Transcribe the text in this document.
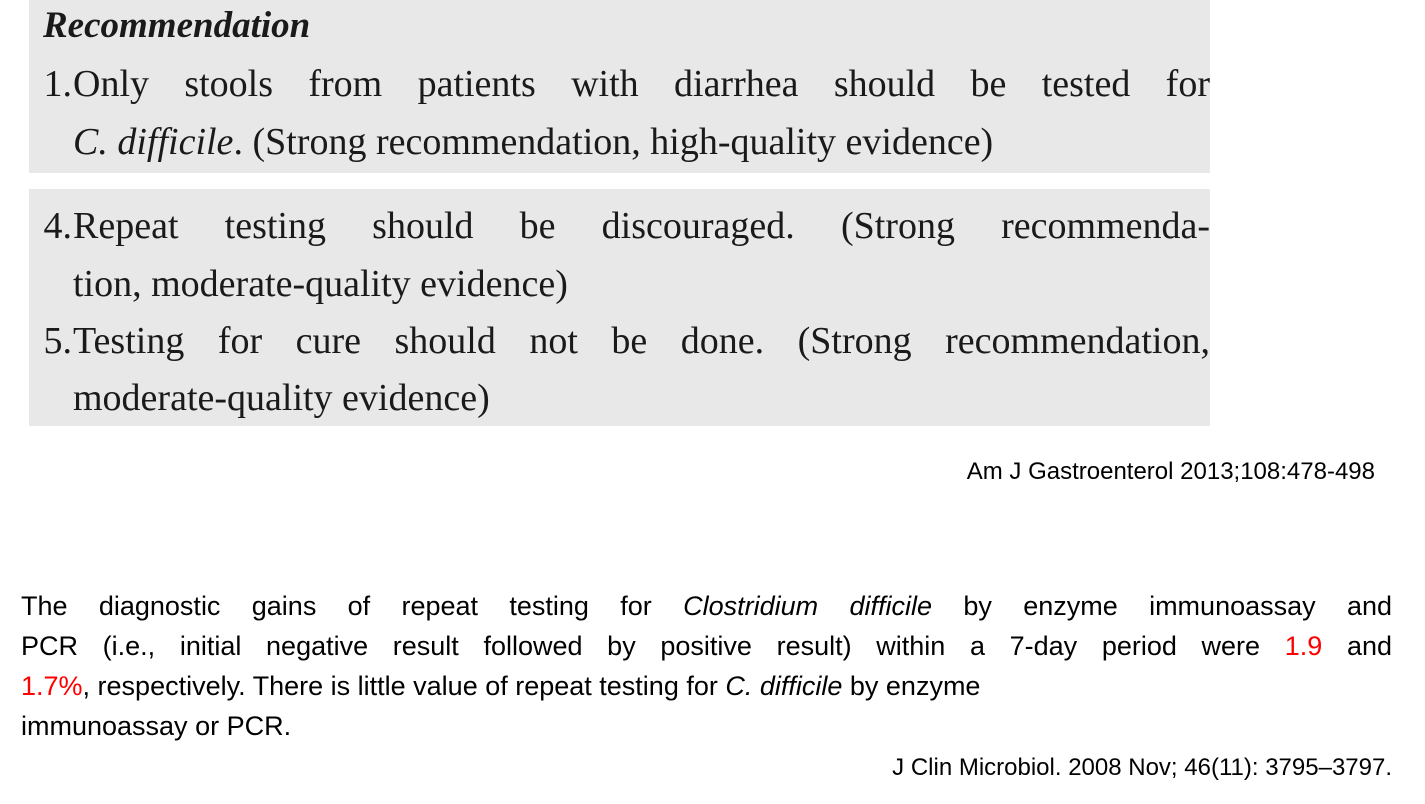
Recommendation
1. Only stools from patients with diarrhea should be tested for
C. difficile. (Strong recommendation, high-quality evidence)
4. Repeat testing should be discouraged. (Strong recommenda-
tion, moderate-quality evidence)
5. Testing for cure should not be done. (Strong recommendation,
moderate-quality evidence)
Am J Gastroenterol 2013;108:478-498
The diagnostic gains of repeat testing for Clostridium difficile by enzyme immunoassay and
PCR (i.e., initial negative result followed by positive result) within a 7-day period were 1.9 and
1.7%, respectively. There is little value of repeat testing for C. difficile by enzyme
immunoassay or PCR.
J Clin Microbiol. 2008 Nov; 46(11): 3795–3797.
